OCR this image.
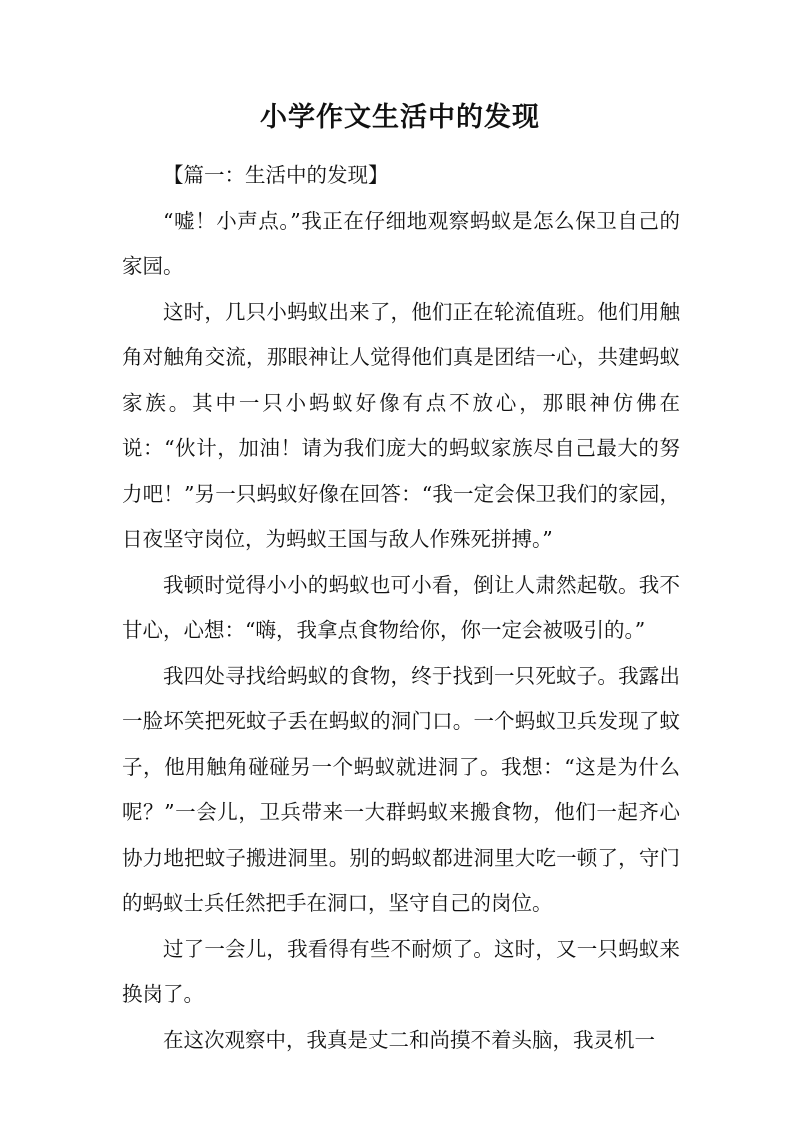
小学作文生活中的发现

【篇一：生活中的发现】

“嘘！小声点。”我正在仔细地观察蚂蚁是怎么保卫自己的家园。

这时，几只小蚂蚁出来了，他们正在轮流值班。他们用触角对触角交流，那眼神让人觉得他们真是团结一心，共建蚂蚁家族。其中一只小蚂蚁好像有点不放心，那眼神仿佛在说：“伙计，加油！请为我们庞大的蚂蚁家族尽自己最大的努力吧！”另一只蚂蚁好像在回答：“我一定会保卫我们的家园，日夜坚守岗位，为蚂蚁王国与敌人作殊死拼搏。”

我顿时觉得小小的蚂蚁也可小看，倒让人肃然起敬。我不甘心，心想：“嗨，我拿点食物给你，你一定会被吸引的。”

我四处寻找给蚂蚁的食物，终于找到一只死蚊子。我露出一脸坏笑把死蚊子丢在蚂蚁的洞门口。一个蚂蚁卫兵发现了蚊子，他用触角碰碰另一个蚂蚁就进洞了。我想：“这是为什么呢？”一会儿，卫兵带来一大群蚂蚁来搬食物，他们一起齐心协力地把蚊子搬进洞里。别的蚂蚁都进洞里大吃一顿了，守门的蚂蚁士兵任然把手在洞口，坚守自己的岗位。

过了一会儿，我看得有些不耐烦了。这时，又一只蚂蚁来换岗了。

在这次观察中，我真是丈二和尚摸不着头脑，我灵机一
